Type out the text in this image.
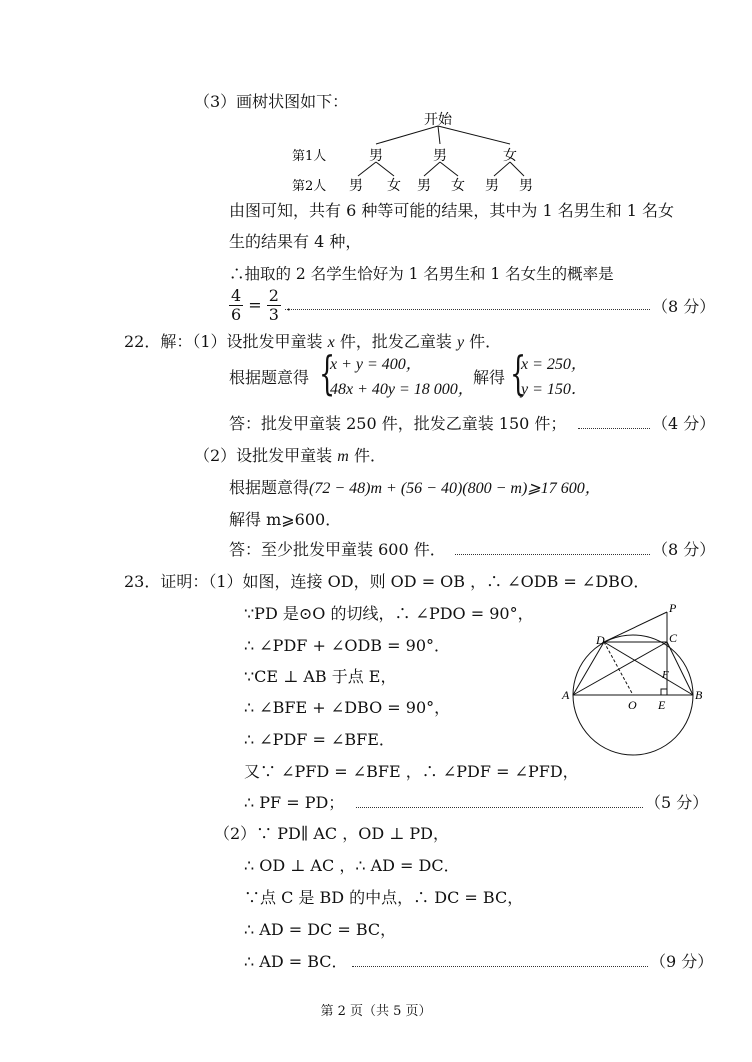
（3）画树状图如下：
开始
第1人	男	男	女
第2人 男 女 男 女 男 男
由图可知，共有 6 种等可能的结果，其中为 1 名男生和 1 名女
生的结果有 4 种，
∴抽取的 2 名学生恰好为 1 名男生和 1 名女生的概率是
$\frac{4}{6} = \frac{2}{3}$ .	（8 分）
22．解：（1）设批发甲童装 x 件，批发乙童装 y 件．
根据题意得 {
x + y = 400，
48x + 40y = 18 000，
解得 {
x = 250，
y = 150．
答：批发甲童装 250 件，批发乙童装 150 件；	（4 分）
（2）设批发甲童装 m 件．
根据题意得(72 − 48)m + (56 − 40)(800 − m)⩾17 600，
解得 m⩾600．
答：至少批发甲童装 600 件．	（8 分）
23．证明：（1）如图，连接 OD，则 OD = OB ，∴ ∠ODB = ∠DBO．
∵PD 是⊙O 的切线，∴ ∠PDO = 90°，
∴ ∠PDF + ∠ODB = 90°．
∵CE ⊥ AB 于点 E，
∴ ∠BFE + ∠DBO = 90°，
∴ ∠PDF = ∠BFE．
又∵ ∠PFD = ∠BFE ，∴ ∠PDF = ∠PFD，
∴ PF = PD；	（5 分）
P
D	C
F
A
O E
B
（2）∵ PD∥ AC ，OD ⊥ PD，
∴ OD ⊥ AC ，∴ AD = DC．
∵点 C 是 BD 的中点，∴ DC = BC，
∴ AD = DC = BC，
∴ AD = BC．	（9 分）
第 2 页（共 5 页）
